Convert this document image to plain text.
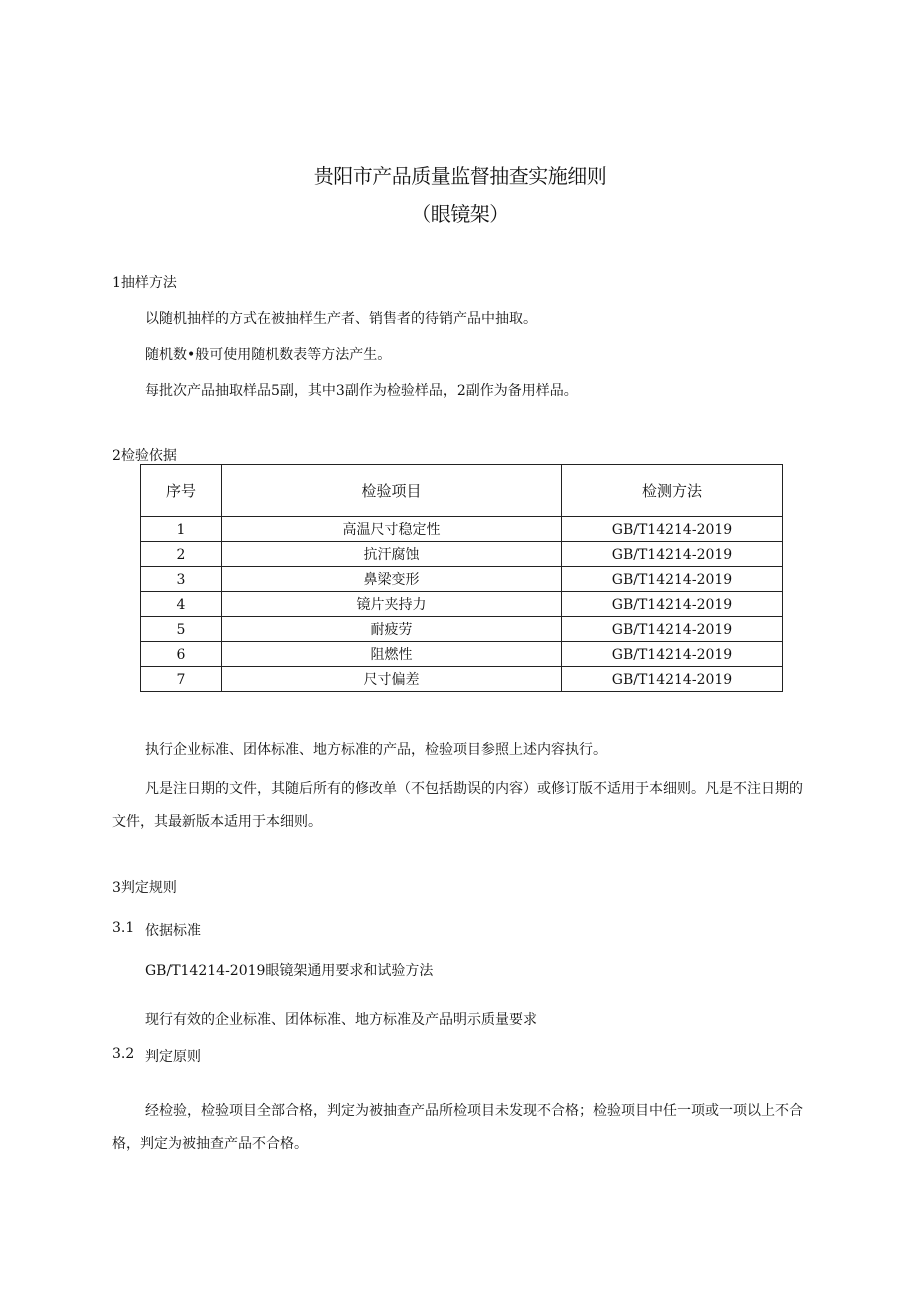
贵阳市产品质量监督抽查实施细则
（眼镜架）
1抽样方法
以随机抽样的方式在被抽样生产者、销售者的待销产品中抽取。
随机数•般可使用随机数表等方法产生。
每批次产品抽取样品5副，其中3副作为检验样品，2副作为备用样品。
2检验依据
序号	检验项目	检测方法
1	高温尺寸稳定性	GB/T14214-2019
2	抗汗腐蚀	GB/T14214-2019
3	鼻梁变形	GB/T14214-2019
4	镜片夹持力	GB/T14214-2019
5	耐疲劳	GB/T14214-2019
6	阻燃性	GB/T14214-2019
7	尺寸偏差	GB/T14214-2019
执行企业标准、团体标准、地方标准的产品，检验项目参照上述内容执行。
凡是注日期的文件，其随后所有的修改单（不包括勘误的内容）或修订版不适用于本细则。凡是不注日期的文件，其最新版本适用于本细则。
3判定规则
3.1 依据标准
GB/T14214-2019眼镜架通用要求和试验方法
现行有效的企业标准、团体标准、地方标准及产品明示质量要求
3.2 判定原则
经检验，检验项目全部合格，判定为被抽查产品所检项目未发现不合格；检验项目中任一项或一项以上不合格，判定为被抽查产品不合格。
